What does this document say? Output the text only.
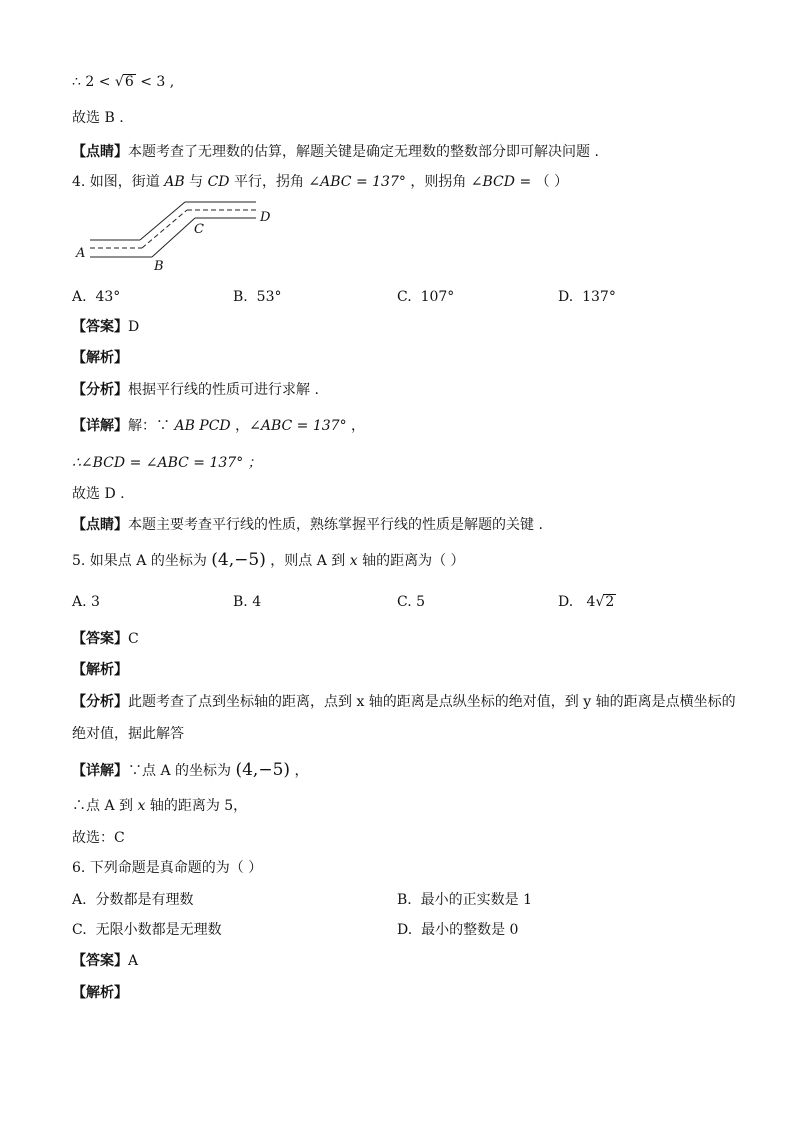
∴ 2 < √6 < 3 ,
故选 B .
【点睛】本题考查了无理数的估算，解题关键是确定无理数的整数部分即可解决问题 .
4. 如图，街道 AB 与 CD 平行，拐角 ∠ABC = 137° ，则拐角 ∠BCD = （ ）
A
B
C
D
A. 43°	B. 53°	C. 107°	D. 137°
【答案】D
【解析】
【分析】根据平行线的性质可进行求解 .
【详解】解：∵ AB PCD ，∠ABC = 137° ，
∴∠BCD = ∠ABC = 137° ；
故选 D .
【点睛】本题主要考查平行线的性质，熟练掌握平行线的性质是解题的关键 .
5. 如果点 A 的坐标为 (4,−5) ，则点 A 到 x 轴的距离为（ ）
A. 3	B. 4	C. 5	D. 4√2
【答案】C
【解析】
【分析】此题考查了点到坐标轴的距离，点到 x 轴的距离是点纵坐标的绝对值，到 y 轴的距离是点横坐标的
绝对值，据此解答
【详解】∵点 A 的坐标为 (4,−5) ，
∴点 A 到 x 轴的距离为 5，
故选：C
6. 下列命题是真命题的为（ ）
A. 分数都是有理数	B. 最小的正实数是 1
C. 无限小数都是无理数	D. 最小的整数是 0
【答案】A
【解析】
